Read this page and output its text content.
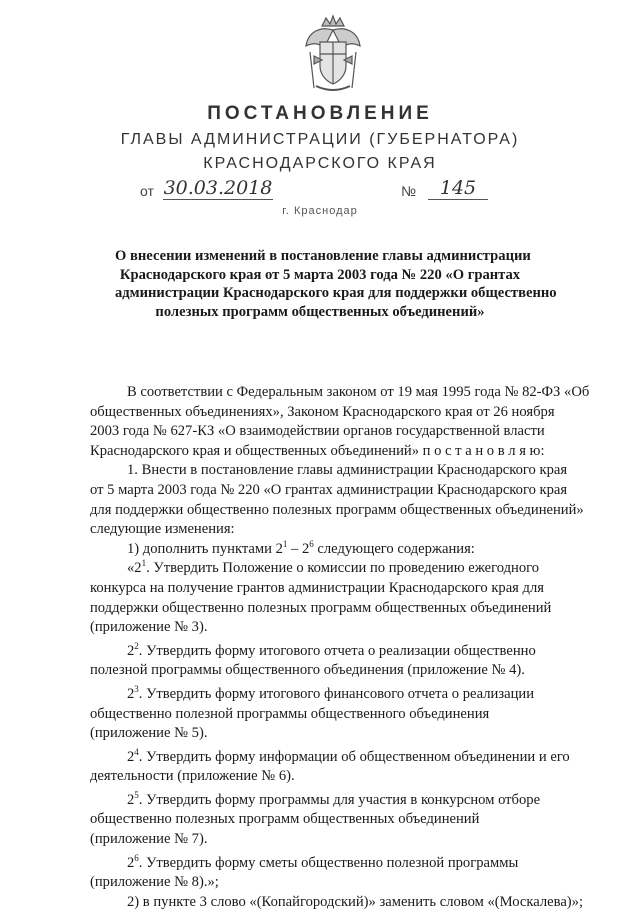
ПОСТАНОВЛЕНИЕ
ГЛАВЫ АДМИНИСТРАЦИИ (ГУБЕРНАТОРА)
КРАСНОДАРСКОГО КРАЯ
от 30.03.2018	№	145
г. Краснодар
О внесении изменений в постановление главы администрации
Краснодарского края от 5 марта 2003 года № 220 «О грантах
администрации Краснодарского края для поддержки общественно
полезных программ общественных объединений»
В соответствии с Федеральным законом от 19 мая 1995 года № 82-ФЗ «Об
общественных объединениях», Законом Краснодарского края от 26 ноября
2003 года № 627-КЗ «О взаимодействии органов государственной власти
Краснодарского края и общественных объединений» п о с т а н о в л я ю:
1. Внести в постановление главы администрации Краснодарского края
от 5 марта 2003 года № 220 «О грантах администрации Краснодарского края
для поддержки общественно полезных программ общественных объединений»
следующие изменения:
1) дополнить пунктами $2^1 - 2^6$ следующего содержания:
«$2^1$. Утвердить Положение о комиссии по проведению ежегодного
конкурса на получение грантов администрации Краснодарского края для
поддержки общественно полезных программ общественных объединений
(приложение № 3).
$2^2$. Утвердить форму итогового отчета о реализации общественно
полезной программы общественного объединения (приложение № 4).
$2^3$. Утвердить форму итогового финансового отчета о реализации
общественно полезной программы общественного объединения
(приложение № 5).
$2^4$. Утвердить форму информации об общественном объединении и его
деятельности (приложение № 6).
$2^5$. Утвердить форму программы для участия в конкурсном отборе
общественно полезных программ общественных объединений
(приложение № 7).
$2^6$. Утвердить форму сметы общественно полезной программы
(приложение № 8).»;
2) в пункте 3 слово «(Копайгородский)» заменить словом «(Москалева)»;
